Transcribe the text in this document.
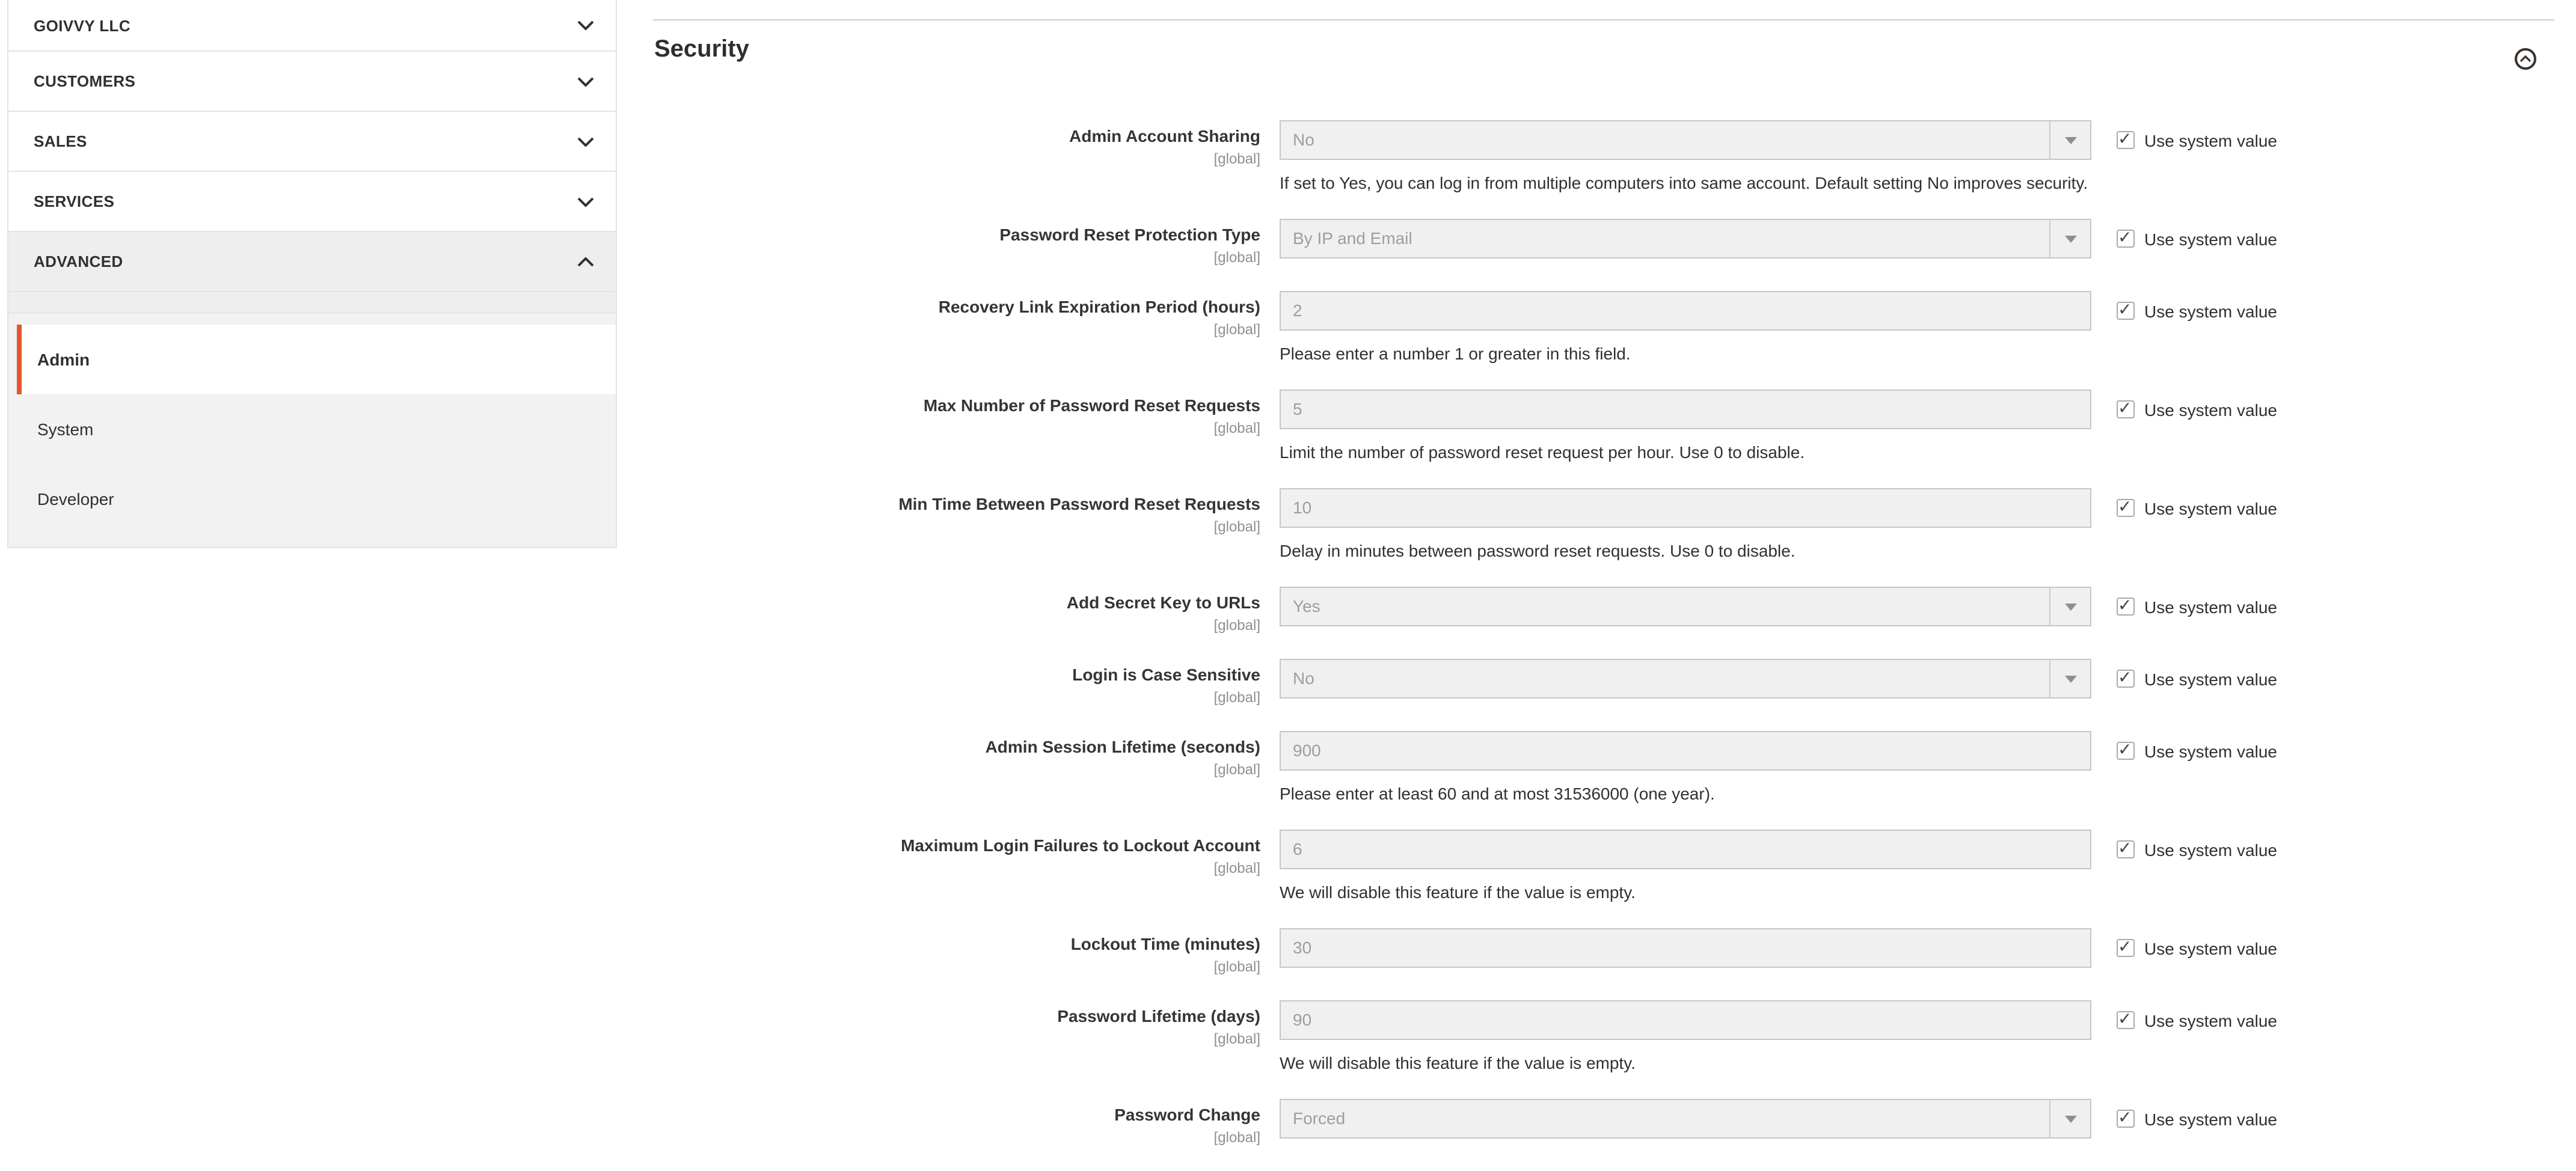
GOIVVY LLC
CUSTOMERS
SALES
SERVICES
ADVANCED
Admin
System
Developer
Security
Admin Account Sharing
[global]
No
If set to Yes, you can log in from multiple computers into same account. Default setting No improves security.
✓ Use system value
Password Reset Protection Type
[global]
By IP and Email	✓ Use system value
Recovery Link Expiration Period (hours)
[global]
2
Please enter a number 1 or greater in this field.
✓ Use system value
Max Number of Password Reset Requests
[global]
5
Limit the number of password reset request per hour. Use 0 to disable.
✓ Use system value
Min Time Between Password Reset Requests
[global]
10
Delay in minutes between password reset requests. Use 0 to disable.
✓ Use system value
Add Secret Key to URLs
[global]
Yes	✓ Use system value
Login is Case Sensitive
[global]
No	✓ Use system value
Admin Session Lifetime (seconds)
[global]
900
Please enter at least 60 and at most 31536000 (one year).
✓ Use system value
Maximum Login Failures to Lockout Account
[global]
6
We will disable this feature if the value is empty.
✓ Use system value
Lockout Time (minutes)
[global]
30	✓ Use system value
Password Lifetime (days)
[global]
90
We will disable this feature if the value is empty.
✓ Use system value
Password Change
[global]
Forced	✓ Use system value
